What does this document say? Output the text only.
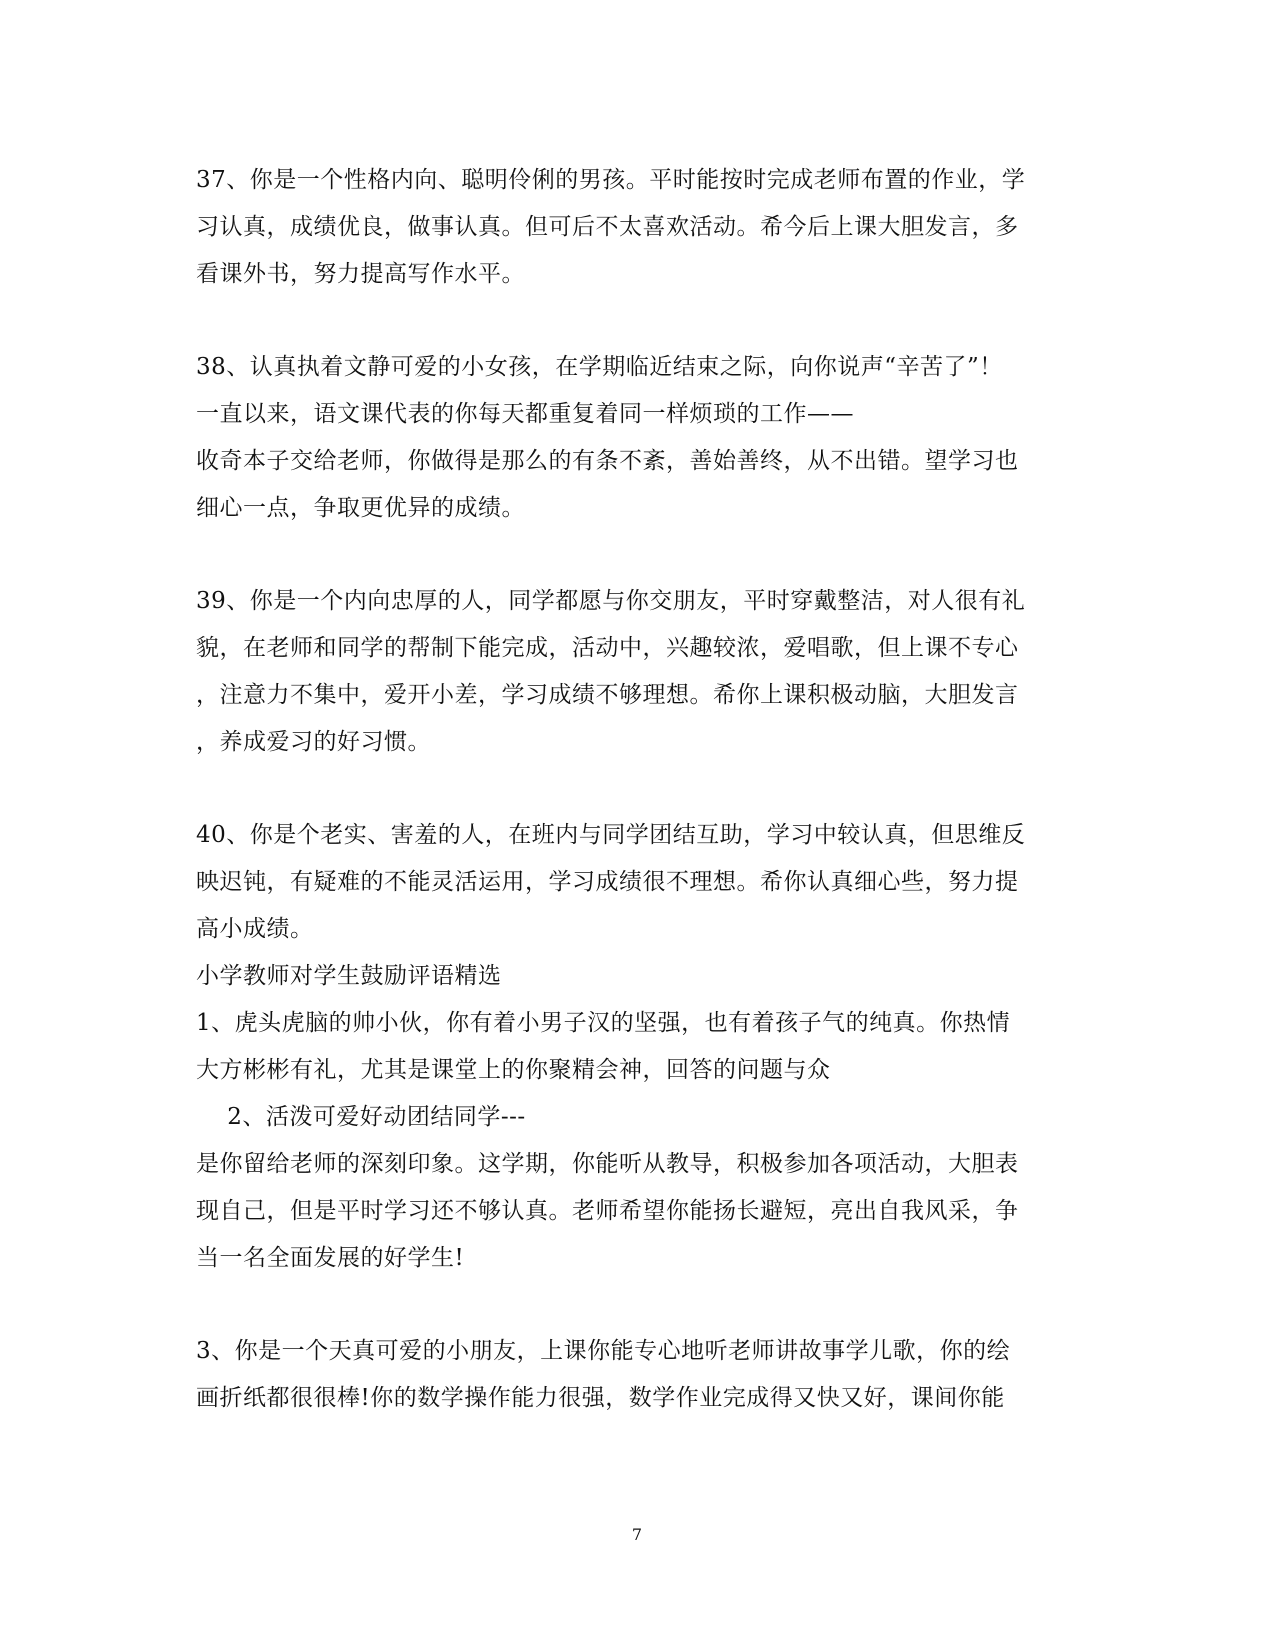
37、你是一个性格内向、聪明伶俐的男孩。平时能按时完成老师布置的作业，学
习认真，成绩优良，做事认真。但可后不太喜欢活动。希今后上课大胆发言，多
看课外书，努力提高写作水平。
38、认真执着文静可爱的小女孩，在学期临近结束之际，向你说声“辛苦了”！
一直以来，语文课代表的你每天都重复着同一样烦琐的工作——
收奇本子交给老师，你做得是那么的有条不紊，善始善终，从不出错。望学习也
细心一点，争取更优异的成绩。
39、你是一个内向忠厚的人，同学都愿与你交朋友，平时穿戴整洁，对人很有礼
貌，在老师和同学的帮制下能完成，活动中，兴趣较浓，爱唱歌，但上课不专心
，注意力不集中，爱开小差，学习成绩不够理想。希你上课积极动脑，大胆发言
，养成爱习的好习惯。
40、你是个老实、害羞的人，在班内与同学团结互助，学习中较认真，但思维反
映迟钝，有疑难的不能灵活运用，学习成绩很不理想。希你认真细心些，努力提
高小成绩。
小学教师对学生鼓励评语精选
1、虎头虎脑的帅小伙，你有着小男子汉的坚强，也有着孩子气的纯真。你热情
大方彬彬有礼，尤其是课堂上的你聚精会神，回答的问题与众
2、活泼可爱好动团结同学---
是你留给老师的深刻印象。这学期，你能听从教导，积极参加各项活动，大胆表
现自己，但是平时学习还不够认真。老师希望你能扬长避短，亮出自我风采，争
当一名全面发展的好学生!
3、你是一个天真可爱的小朋友，上课你能专心地听老师讲故事学儿歌，你的绘
画折纸都很很棒!你的数学操作能力很强，数学作业完成得又快又好，课间你能
7
